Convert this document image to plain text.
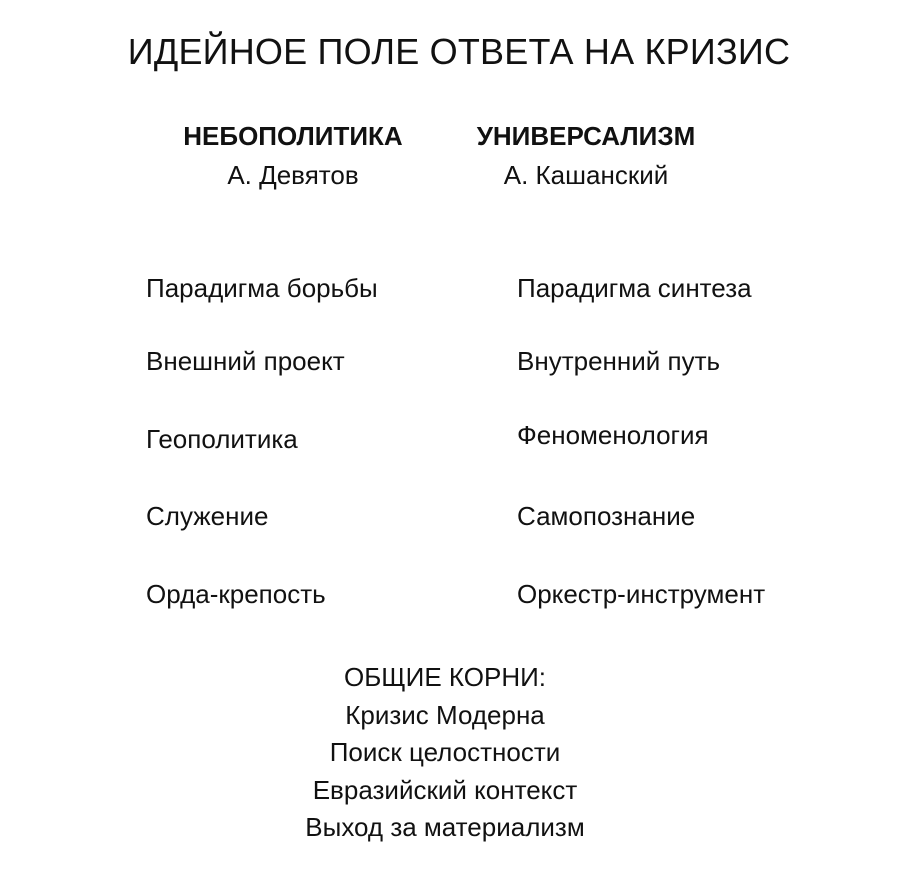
ИДЕЙНОЕ ПОЛЕ ОТВЕТА НА КРИЗИС
НЕБОПОЛИТИКА
А. Девятов
УНИВЕРСАЛИЗМ
А. Кашанский
Парадигма борьбы
Внешний проект
Геополитика
Служение
Орда-крепость
Парадигма синтеза
Внутренний путь
Феноменология
Самопознание
Оркестр-инструмент
ОБЩИЕ КОРНИ:
Кризис Модерна
Поиск целостности
Евразийский контекст
Выход за материализм
